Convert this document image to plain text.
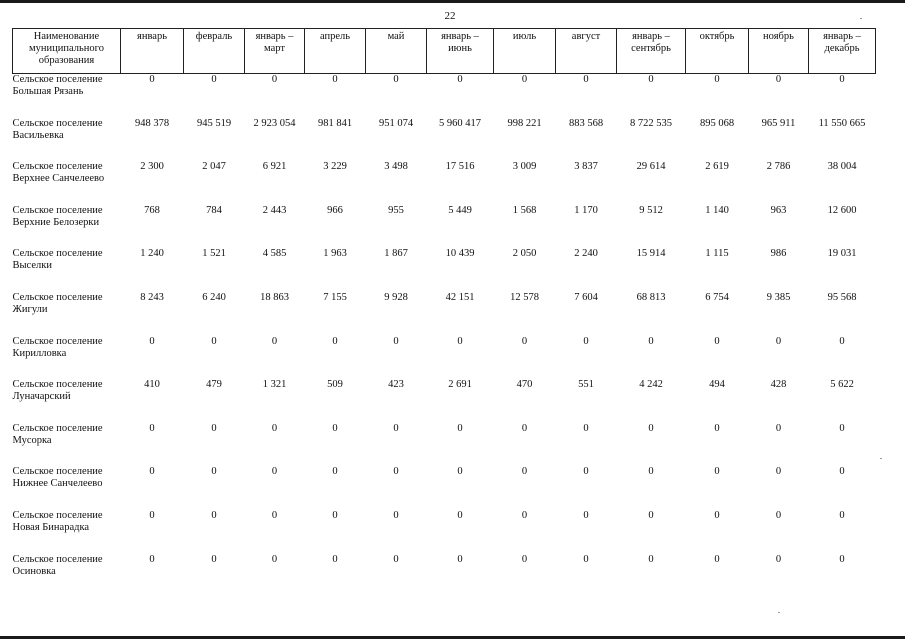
22
Наименование муниципального образования	январь	февраль	январь – март	апрель	май	январь – июнь	июль	август	январь – сентябрь	октябрь	ноябрь	январь – декабрь
Сельское поселение Большая Рязань	0	0	0	0	0	0	0	0	0	0	0	0
Сельское поселение Васильевка	948 378	945 519	2 923 054	981 841	951 074	5 960 417	998 221	883 568	8 722 535	895 068	965 911	11 550 665
Сельское поселение Верхнее Санчелеево	2 300	2 047	6 921	3 229	3 498	17 516	3 009	3 837	29 614	2 619	2 786	38 004
Сельское поселение Верхние Белозерки	768	784	2 443	966	955	5 449	1 568	1 170	9 512	1 140	963	12 600
Сельское поселение Выселки	1 240	1 521	4 585	1 963	1 867	10 439	2 050	2 240	15 914	1 115	986	19 031
Сельское поселение Жигули	8 243	6 240	18 863	7 155	9 928	42 151	12 578	7 604	68 813	6 754	9 385	95 568
Сельское поселение Кирилловка	0	0	0	0	0	0	0	0	0	0	0	0
Сельское поселение Луначарский	410	479	1 321	509	423	2 691	470	551	4 242	494	428	5 622
Сельское поселение Мусорка	0	0	0	0	0	0	0	0	0	0	0	0
Сельское поселение Нижнее Санчелеево	0	0	0	0	0	0	0	0	0	0	0	0
Сельское поселение Новая Бинарадка	0	0	0	0	0	0	0	0	0	0	0	0
Сельское поселение Осиновка	0	0	0	0	0	0	0	0	0	0	0	0
